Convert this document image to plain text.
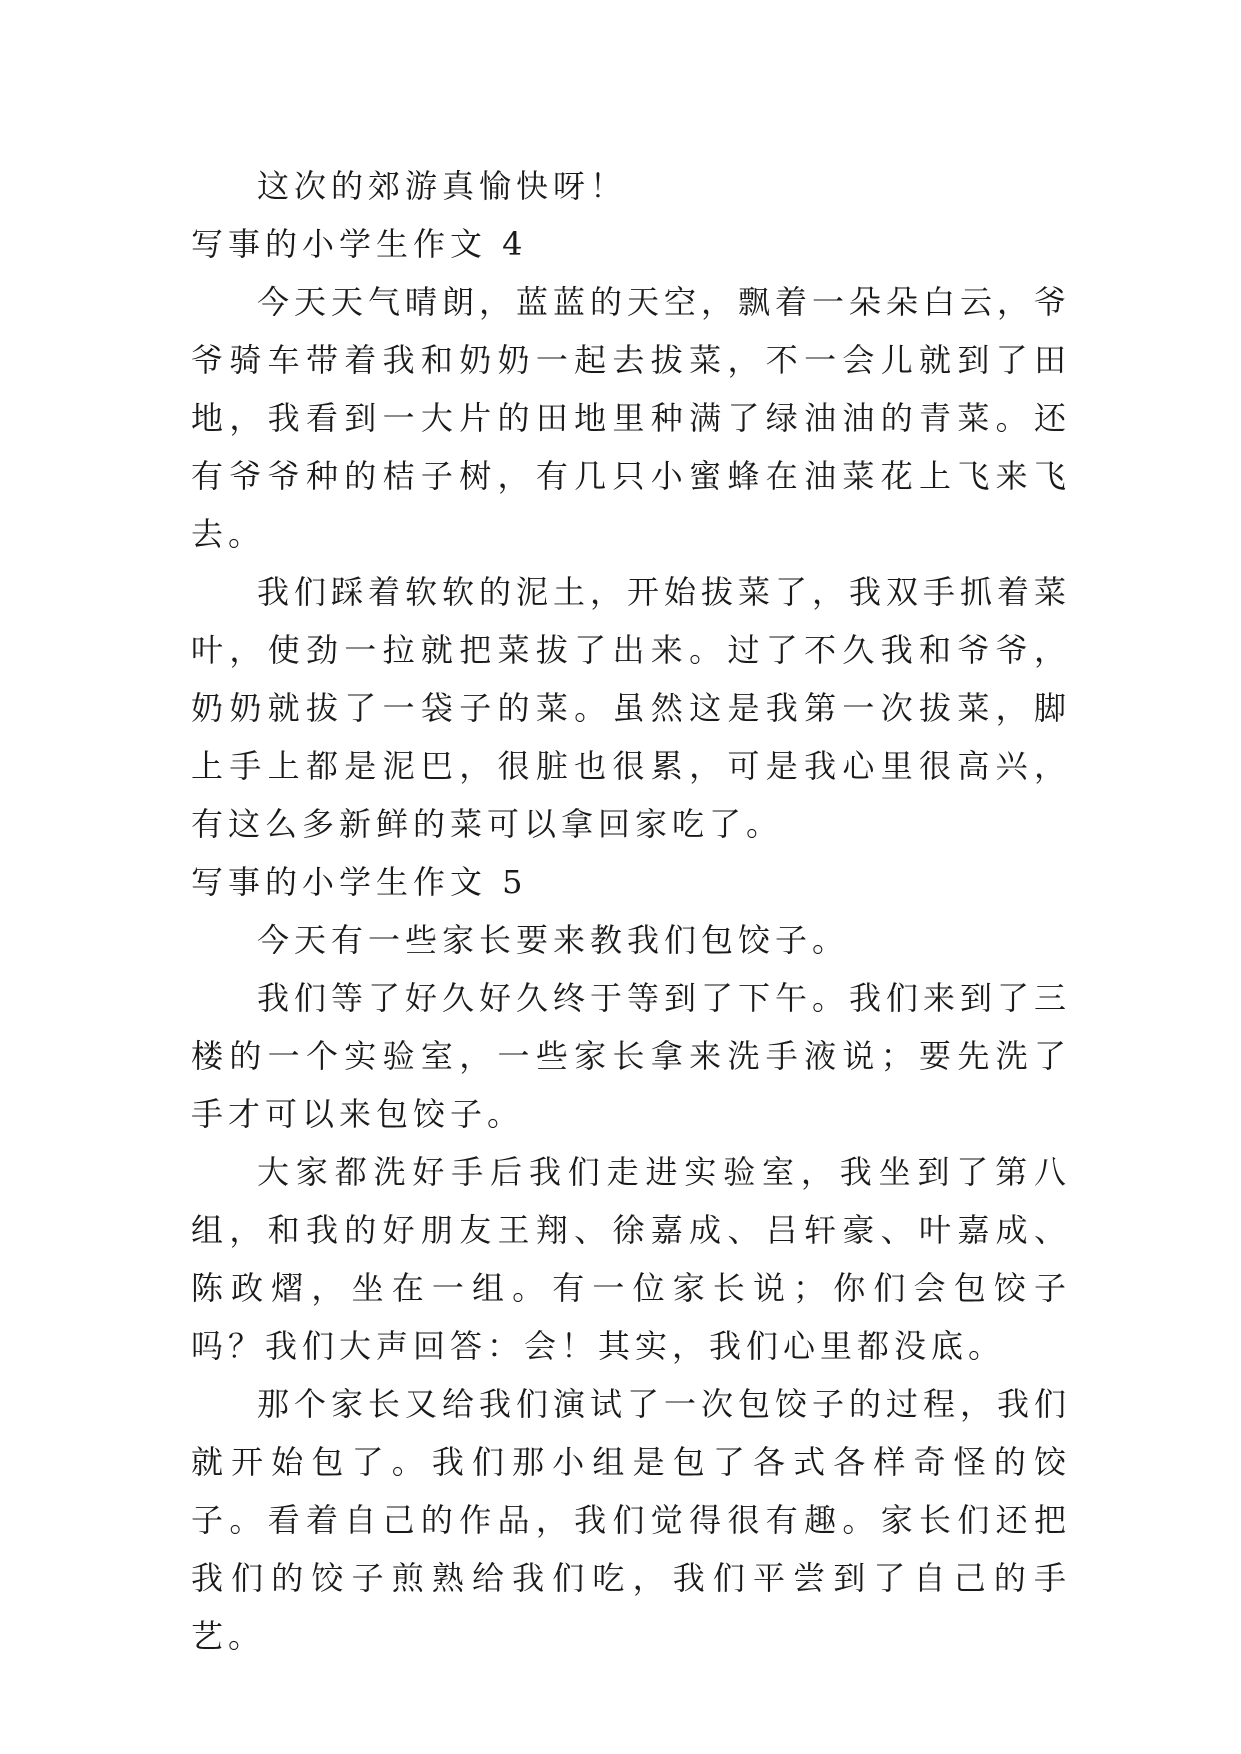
这次的郊游真愉快呀！

写事的小学生作文 4

今天天气晴朗，蓝蓝的天空，飘着一朵朵白云，爷爷骑车带着我和奶奶一起去拔菜，不一会儿就到了田地，我看到一大片的田地里种满了绿油油的青菜。还有爷爷种的桔子树，有几只小蜜蜂在油菜花上飞来飞去。

我们踩着软软的泥土，开始拔菜了，我双手抓着菜叶，使劲一拉就把菜拔了出来。过了不久我和爷爷，奶奶就拔了一袋子的菜。虽然这是我第一次拔菜，脚上手上都是泥巴，很脏也很累，可是我心里很高兴，有这么多新鲜的菜可以拿回家吃了。

写事的小学生作文 5

今天有一些家长要来教我们包饺子。

我们等了好久好久终于等到了下午。我们来到了三楼的一个实验室，一些家长拿来洗手液说；要先洗了手才可以来包饺子。

大家都洗好手后我们走进实验室，我坐到了第八组，和我的好朋友王翔、徐嘉成、吕轩豪、叶嘉成、陈政熠，坐在一组。有一位家长说；你们会包饺子吗？我们大声回答：会！其实，我们心里都没底。

那个家长又给我们演试了一次包饺子的过程，我们就开始包了。我们那小组是包了各式各样奇怪的饺子。看着自己的作品，我们觉得很有趣。家长们还把我们的饺子煎熟给我们吃，我们平尝到了自己的手艺。
